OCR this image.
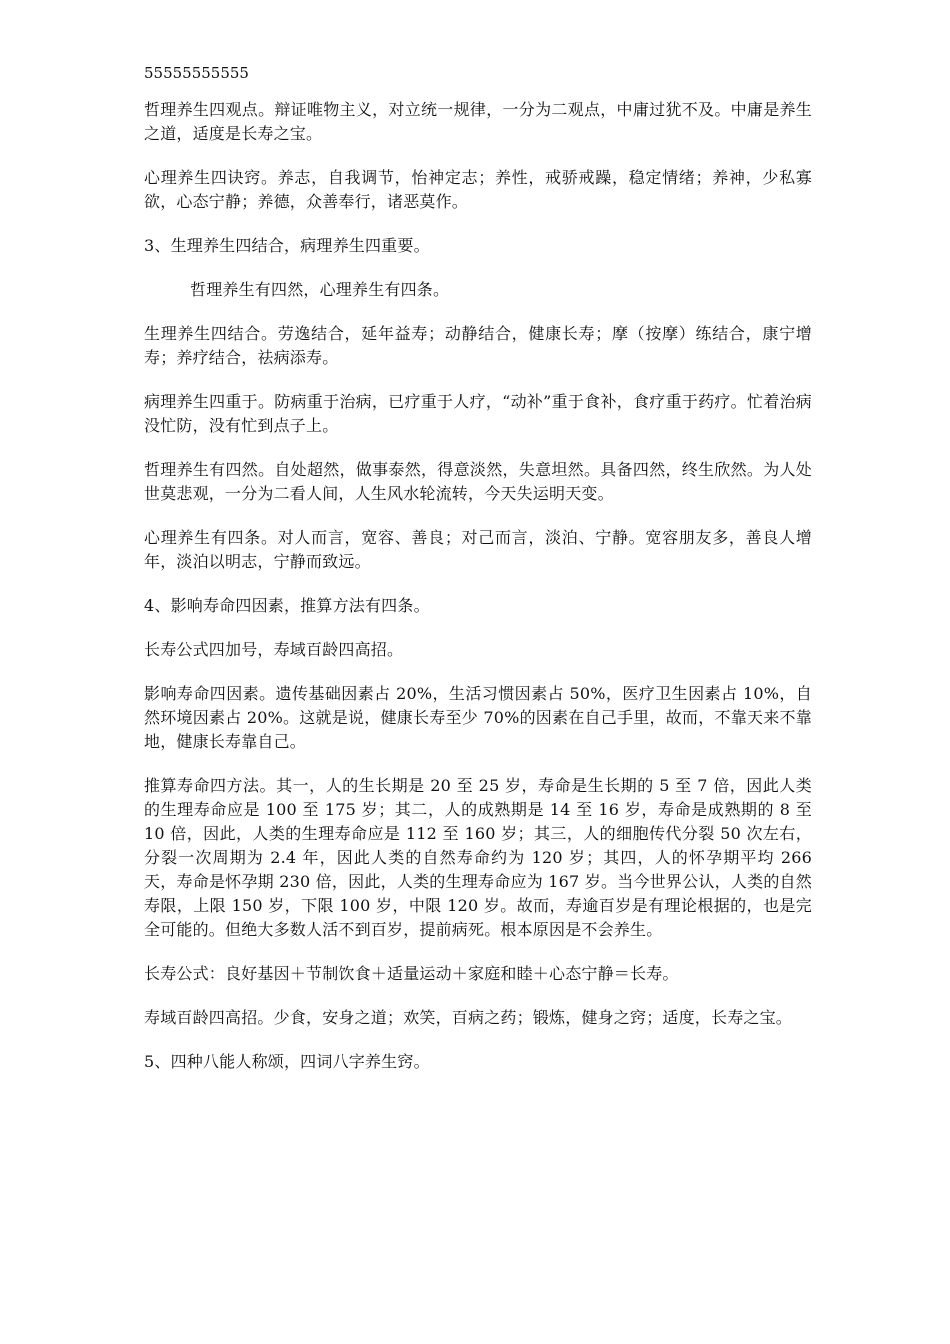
55555555555

哲理养生四观点。辩证唯物主义，对立统一规律，一分为二观点，中庸过犹不及。中庸是养生之道，适度是长寿之宝。

心理养生四诀窍。养志，自我调节，怡神定志；养性，戒骄戒躁，稳定情绪；养神，少私寡欲，心态宁静；养德，众善奉行，诸恶莫作。

3、生理养生四结合，病理养生四重要。

哲理养生有四然，心理养生有四条。

生理养生四结合。劳逸结合，延年益寿；动静结合，健康长寿；摩（按摩）练结合，康宁增寿；养疗结合，祛病添寿。

病理养生四重于。防病重于治病，已疗重于人疗，“动补”重于食补，食疗重于药疗。忙着治病没忙防，没有忙到点子上。

哲理养生有四然。自处超然，做事泰然，得意淡然，失意坦然。具备四然，终生欣然。为人处世莫悲观，一分为二看人间，人生风水轮流转，今天失运明天变。

心理养生有四条。对人而言，宽容、善良；对己而言，淡泊、宁静。宽容朋友多，善良人增年，淡泊以明志，宁静而致远。

4、影响寿命四因素，推算方法有四条。

长寿公式四加号，寿域百龄四高招。

影响寿命四因素。遗传基础因素占 20%，生活习惯因素占 50%，医疗卫生因素占 10%，自然环境因素占 20%。这就是说，健康长寿至少 70%的因素在自己手里，故而，不靠天来不靠地，健康长寿靠自己。

推算寿命四方法。其一，人的生长期是 20 至 25 岁，寿命是生长期的 5 至 7 倍，因此人类的生理寿命应是 100 至 175 岁；其二，人的成熟期是 14 至 16 岁，寿命是成熟期的 8 至 10 倍，因此，人类的生理寿命应是 112 至 160 岁；其三，人的细胞传代分裂 50 次左右，分裂一次周期为 2.4 年，因此人类的自然寿命约为 120 岁；其四，人的怀孕期平均 266 天，寿命是怀孕期 230 倍，因此，人类的生理寿命应为 167 岁。当今世界公认，人类的自然寿限，上限 150 岁，下限 100 岁，中限 120 岁。故而，寿逾百岁是有理论根据的，也是完全可能的。但绝大多数人活不到百岁，提前病死。根本原因是不会养生。

长寿公式：良好基因＋节制饮食＋适量运动＋家庭和睦＋心态宁静＝长寿。

寿域百龄四高招。少食，安身之道；欢笑，百病之药；锻炼，健身之窍；适度，长寿之宝。

5、四种八能人称颂，四词八字养生窍。
